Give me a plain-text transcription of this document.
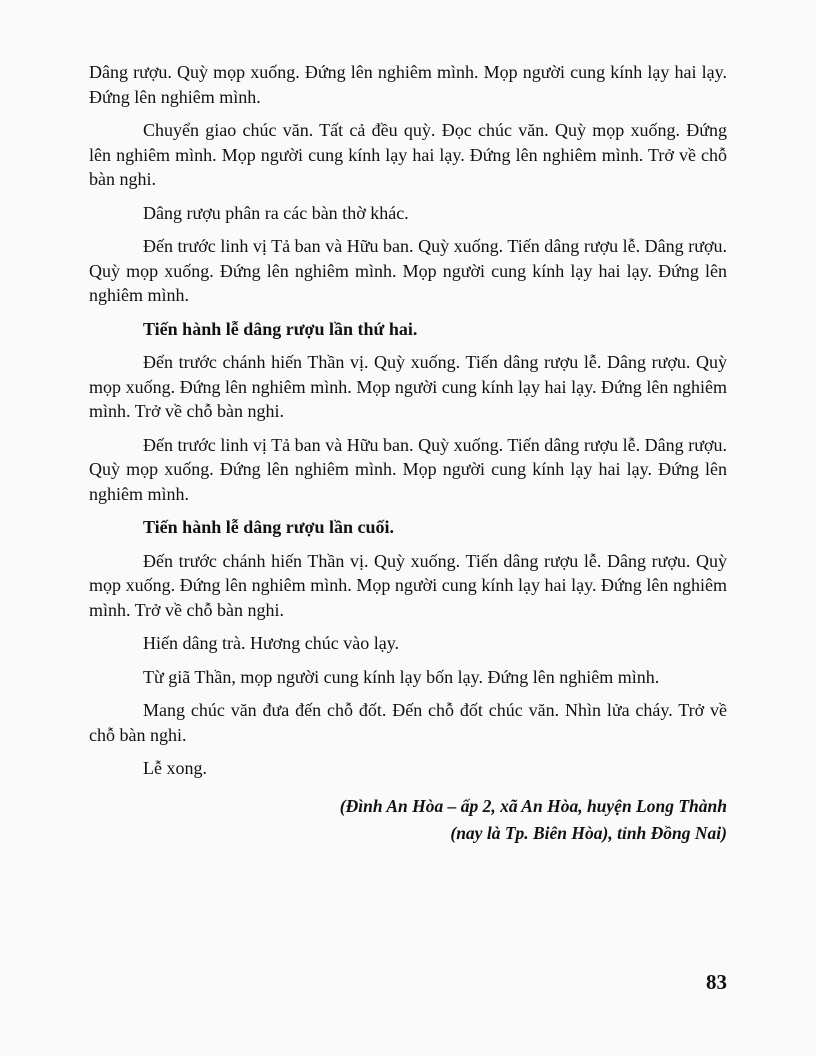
Dâng rượu. Quỳ mọp xuống. Đứng lên nghiêm mình. Mọp người cung kính lạy hai lạy. Đứng lên nghiêm mình.

Chuyển giao chúc văn. Tất cả đều quỳ. Đọc chúc văn. Quỳ mọp xuống. Đứng lên nghiêm mình. Mọp người cung kính lạy hai lạy. Đứng lên nghiêm mình. Trở về chỗ bàn nghi.

Dâng rượu phân ra các bàn thờ khác.

Đến trước linh vị Tả ban và Hữu ban. Quỳ xuống. Tiến dâng rượu lễ. Dâng rượu. Quỳ mọp xuống. Đứng lên nghiêm mình. Mọp người cung kính lạy hai lạy. Đứng lên nghiêm mình.

Tiến hành lễ dâng rượu lần thứ hai.

Đến trước chánh hiến Thần vị. Quỳ xuống. Tiến dâng rượu lễ. Dâng rượu. Quỳ mọp xuống. Đứng lên nghiêm mình. Mọp người cung kính lạy hai lạy. Đứng lên nghiêm mình. Trở về chỗ bàn nghi.

Đến trước linh vị Tả ban và Hữu ban. Quỳ xuống. Tiến dâng rượu lễ. Dâng rượu. Quỳ mọp xuống. Đứng lên nghiêm mình. Mọp người cung kính lạy hai lạy. Đứng lên nghiêm mình.

Tiến hành lễ dâng rượu lần cuối.

Đến trước chánh hiến Thần vị. Quỳ xuống. Tiến dâng rượu lễ. Dâng rượu. Quỳ mọp xuống. Đứng lên nghiêm mình. Mọp người cung kính lạy hai lạy. Đứng lên nghiêm mình. Trở về chỗ bàn nghi.

Hiến dâng trà. Hương chúc vào lạy.

Từ giã Thần, mọp người cung kính lạy bốn lạy. Đứng lên nghiêm mình.

Mang chúc văn đưa đến chỗ đốt. Đến chỗ đốt chúc văn. Nhìn lửa cháy. Trở về chỗ bàn nghi.

Lễ xong.

(Đình An Hòa – ấp 2, xã An Hòa, huyện Long Thành
(nay là Tp. Biên Hòa), tỉnh Đồng Nai)
83
